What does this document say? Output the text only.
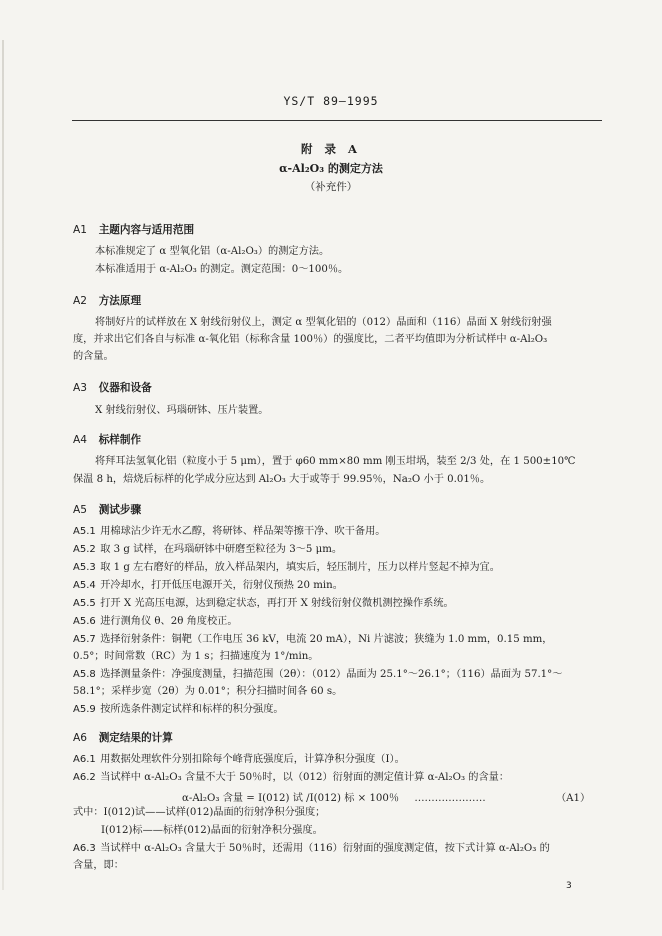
YS/T 89—1995
附 录 A
α-Al₂O₃ 的测定方法
（补充件）
A1 主题内容与适用范围
本标准规定了 α 型氧化铝（α-Al₂O₃）的测定方法。
本标准适用于 α-Al₂O₃ 的测定。测定范围：0～100％。
A2 方法原理
将制好片的试样放在 X 射线衍射仪上，测定 α 型氧化铝的（012）晶面和（116）晶面 X 射线衍射强
度，并求出它们各自与标准 α-氧化铝（标称含量 100％）的强度比，二者平均值即为分析试样中 α-Al₂O₃
的含量。
A3 仪器和设备
X 射线衍射仪、玛瑙研钵、压片装置。
A4 标样制作
将拜耳法氢氧化铝（粒度小于 5 μm），置于 φ60 mm×80 mm 刚玉坩埚，装至 2/3 处，在 1 500±10℃
保温 8 h，焙烧后标样的化学成分应达到 Al₂O₃ 大于或等于 99.95％，Na₂O 小于 0.01％。
A5 测试步骤
A5.1 用棉球沾少许无水乙醇，将研钵、样品架等擦干净、吹干备用。
A5.2 取 3 g 试样，在玛瑙研钵中研磨至粒径为 3～5 μm。
A5.3 取 1 g 左右磨好的样品，放入样品架内，填实后，轻压制片，压力以样片竖起不掉为宜。
A5.4 开冷却水，打开低压电源开关，衍射仪预热 20 min。
A5.5 打开 X 光高压电源，达到稳定状态，再打开 X 射线衍射仪微机测控操作系统。
A5.6 进行测角仪 θ、2θ 角度校正。
A5.7 选择衍射条件：铜靶（工作电压 36 kV，电流 20 mA），Ni 片滤波；狭缝为 1.0 mm，0.15 mm，
0.5°；时间常数（RC）为 1 s；扫描速度为 1°/min。
A5.8 选择测量条件：净强度测量，扫描范围（2θ）：（012）晶面为 25.1°～26.1°；（116）晶面为 57.1°～
58.1°；采样步宽（2θ）为 0.01°；积分扫描时间各 60 s。
A5.9 按所选条件测定试样和标样的积分强度。
A6 测定结果的计算
A6.1 用数据处理软件分别扣除每个峰背底强度后，计算净积分强度（I）。
A6.2 当试样中 α-Al₂O₃ 含量不大于 50％时，以（012）衍射面的测定值计算 α-Al₂O₃ 的含量：
α-Al₂O₃ 含量 = I(012) 试 /I(012) 标 × 100％ …………………	（A1）
式中：I(012)试——试样(012)晶面的衍射净积分强度；
I(012)标——标样(012)晶面的衍射净积分强度。
A6.3 当试样中 α-Al₂O₃ 含量大于 50％时，还需用（116）衍射面的强度测定值，按下式计算 α-Al₂O₃ 的
含量，即：
3
